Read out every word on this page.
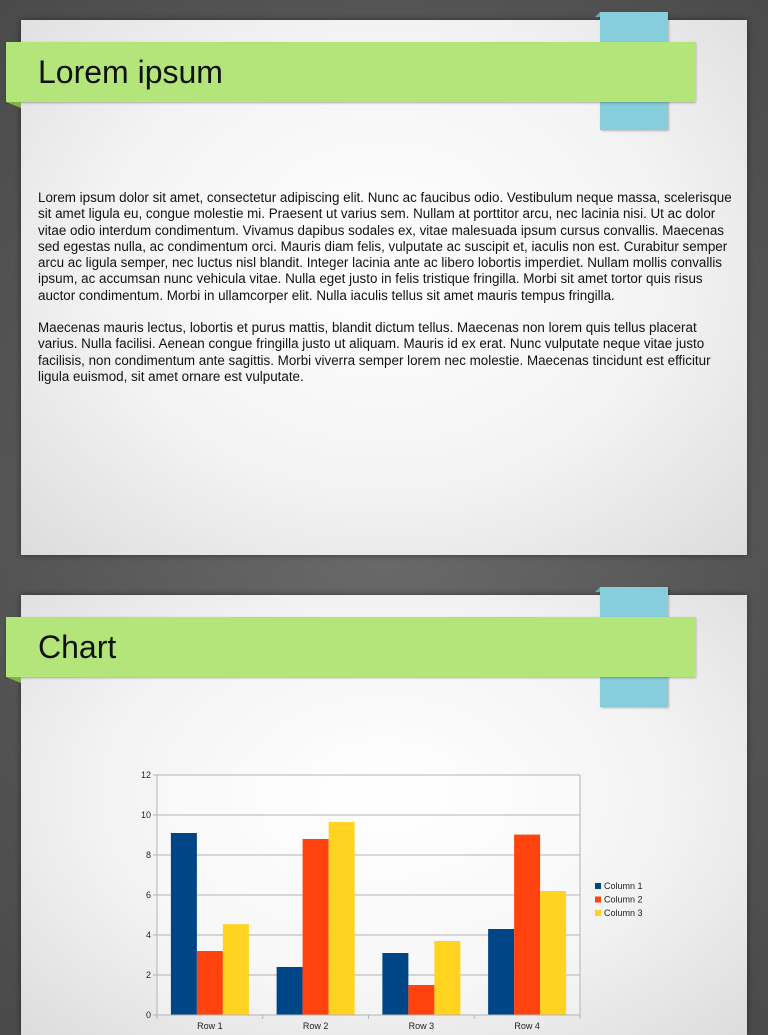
Lorem ipsum

Lorem ipsum dolor sit amet, consectetur adipiscing elit. Nunc ac faucibus odio. Vestibulum neque massa, scelerisque sit amet ligula eu, congue molestie mi. Praesent ut varius sem. Nullam at porttitor arcu, nec lacinia nisi. Ut ac dolor vitae odio interdum condimentum. Vivamus dapibus sodales ex, vitae malesuada ipsum cursus convallis. Maecenas sed egestas nulla, ac condimentum orci. Mauris diam felis, vulputate ac suscipit et, iaculis non est. Curabitur semper arcu ac ligula semper, nec luctus nisl blandit. Integer lacinia ante ac libero lobortis imperdiet. Nullam mollis convallis ipsum, ac accumsan nunc vehicula vitae. Nulla eget justo in felis tristique fringilla. Morbi sit amet tortor quis risus auctor condimentum. Morbi in ullamcorper elit. Nulla iaculis tellus sit amet mauris tempus fringilla.

Maecenas mauris lectus, lobortis et purus mattis, blandit dictum tellus. Maecenas non lorem quis tellus placerat varius. Nulla facilisi. Aenean congue fringilla justo ut aliquam. Mauris id ex erat. Nunc vulputate neque vitae justo facilisis, non condimentum ante sagittis. Morbi viverra semper lorem nec molestie. Maecenas tincidunt est efficitur ligula euismod, sit amet ornare est vulputate.

Chart
0
2
4
6
8
10
12
Row 1	Row 2	Row 3	Row 4
Column 1
Column 2
Column 3
